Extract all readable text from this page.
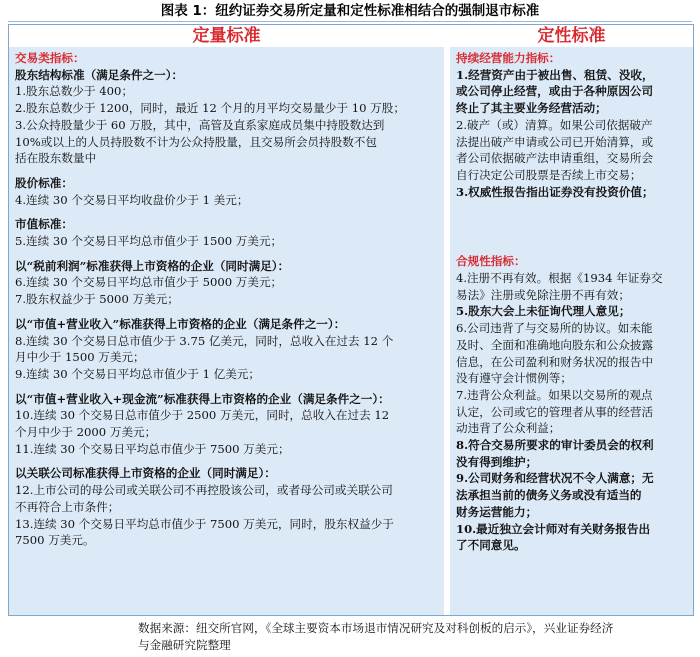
图表 1：纽约证券交易所定量和定性标准相结合的强制退市标准
定量标准
交易类指标：
股东结构标准（满足条件之一）：
1.股东总数少于 400；
2.股东总数少于 1200，同时，最近 12 个月的月平均交易量少于 10 万股；
3.公众持股量少于 60 万股，其中，高管及直系家庭成员集中持股数达到
10%或以上的人员持股数不计为公众持股量，且交易所会员持股数不包
括在股东数量中
股价标准：
4.连续 30 个交易日平均收盘价少于 1 美元；
市值标准：
5.连续 30 个交易日平均总市值少于 1500 万美元；
以“税前利润”标准获得上市资格的企业（同时满足）：
6.连续 30 个交易日平均总市值少于 5000 万美元；
7.股东权益少于 5000 万美元；
以“市值+营业收入”标准获得上市资格的企业（满足条件之一）：
8.连续 30 个交易日总市值少于 3.75 亿美元，同时，总收入在过去 12 个
月中少于 1500 万美元；
9.连续 30 个交易日平均总市值少于 1 亿美元；
以“市值+营业收入+现金流”标准获得上市资格的企业（满足条件之一）：
10.连续 30 个交易日总市值少于 2500 万美元，同时，总收入在过去 12
个月中少于 2000 万美元；
11.连续 30 个交易日平均总市值少于 7500 万美元；
以关联公司标准获得上市资格的企业（同时满足）：
12.上市公司的母公司或关联公司不再控股该公司，或者母公司或关联公司
不再符合上市条件；
13.连续 30 个交易日平均总市值少于 7500 万美元，同时，股东权益少于
7500 万美元。
定性标准
持续经营能力指标：
1.经营资产由于被出售、租赁、没收，
或公司停止经营，或由于各种原因公司
终止了其主要业务经营活动；
2.破产（或）清算。如果公司依据破产
法提出破产申请或公司已开始清算，或
者公司依据破产法申请重组，交易所会
自行决定公司股票是否续上市交易；
3.权威性报告指出证券没有投资价值；
合规性指标：
4.注册不再有效。根据《1934 年证券交
易法》注册或免除注册不再有效；
5.股东大会上未征询代理人意见；
6.公司违背了与交易所的协议。如未能
及时、全面和准确地向股东和公众披露
信息，在公司盈利和财务状况的报告中
没有遵守会计惯例等；
7.违背公众利益。如果以交易所的观点
认定，公司或它的管理者从事的经营活
动违背了公众利益；
8.符合交易所要求的审计委员会的权利
没有得到维护；
9.公司财务和经营状况不令人满意；无
法承担当前的债务义务或没有适当的
财务运营能力；
10.最近独立会计师对有关财务报告出
了不同意见。
数据来源：纽交所官网，《全球主要资本市场退市情况研究及对科创板的启示》，兴业证券经济
与金融研究院整理
